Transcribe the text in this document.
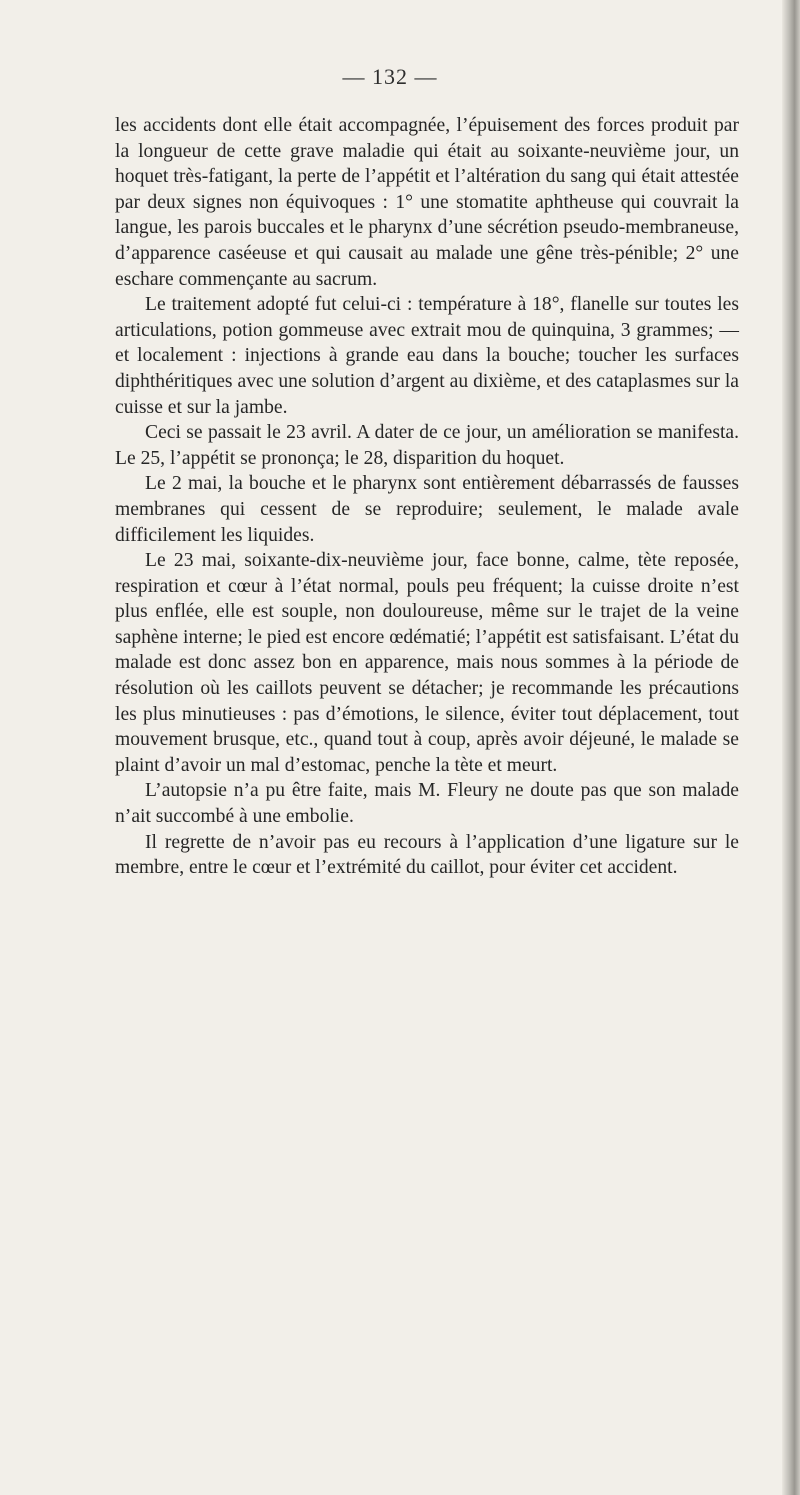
— 132 —

les accidents dont elle était accompagnée, l’épuisement des forces produit par la longueur de cette grave maladie qui était au soixante-neuvième jour, un hoquet très-fatigant, la perte de l’appétit et l’altération du sang qui était attestée par deux signes non équivoques : 1° une stomatite aphtheuse qui couvrait la langue, les parois buccales et le pharynx d’une sécrétion pseudo-membraneuse, d’apparence caséeuse et qui causait au malade une gêne très-pénible; 2° une eschare commençante au sacrum.

Le traitement adopté fut celui-ci : température à 18°, flanelle sur toutes les articulations, potion gommeuse avec extrait mou de quinquina, 3 grammes; — et localement : injections à grande eau dans la bouche; toucher les surfaces diphthéritiques avec une solution d’argent au dixième, et des cataplasmes sur la cuisse et sur la jambe.

Ceci se passait le 23 avril. A dater de ce jour, un amélioration se manifesta. Le 25, l’appétit se prononça; le 28, disparition du hoquet.

Le 2 mai, la bouche et le pharynx sont entièrement débarrassés de fausses membranes qui cessent de se reproduire; seulement, le malade avale difficilement les liquides.

Le 23 mai, soixante-dix-neuvième jour, face bonne, calme, tète reposée, respiration et cœur à l’état normal, pouls peu fréquent; la cuisse droite n’est plus enflée, elle est souple, non douloureuse, même sur le trajet de la veine saphène interne; le pied est encore œdématié; l’appétit est satisfaisant. L’état du malade est donc assez bon en apparence, mais nous sommes à la période de résolution où les caillots peuvent se détacher; je recommande les précautions les plus minutieuses : pas d’émotions, le silence, éviter tout déplacement, tout mouvement brusque, etc., quand tout à coup, après avoir déjeuné, le malade se plaint d’avoir un mal d’estomac, penche la tète et meurt.

L’autopsie n’a pu être faite, mais M. Fleury ne doute pas que son malade n’ait succombé à une embolie.

Il regrette de n’avoir pas eu recours à l’application d’une ligature sur le membre, entre le cœur et l’extrémité du caillot, pour éviter cet accident.
